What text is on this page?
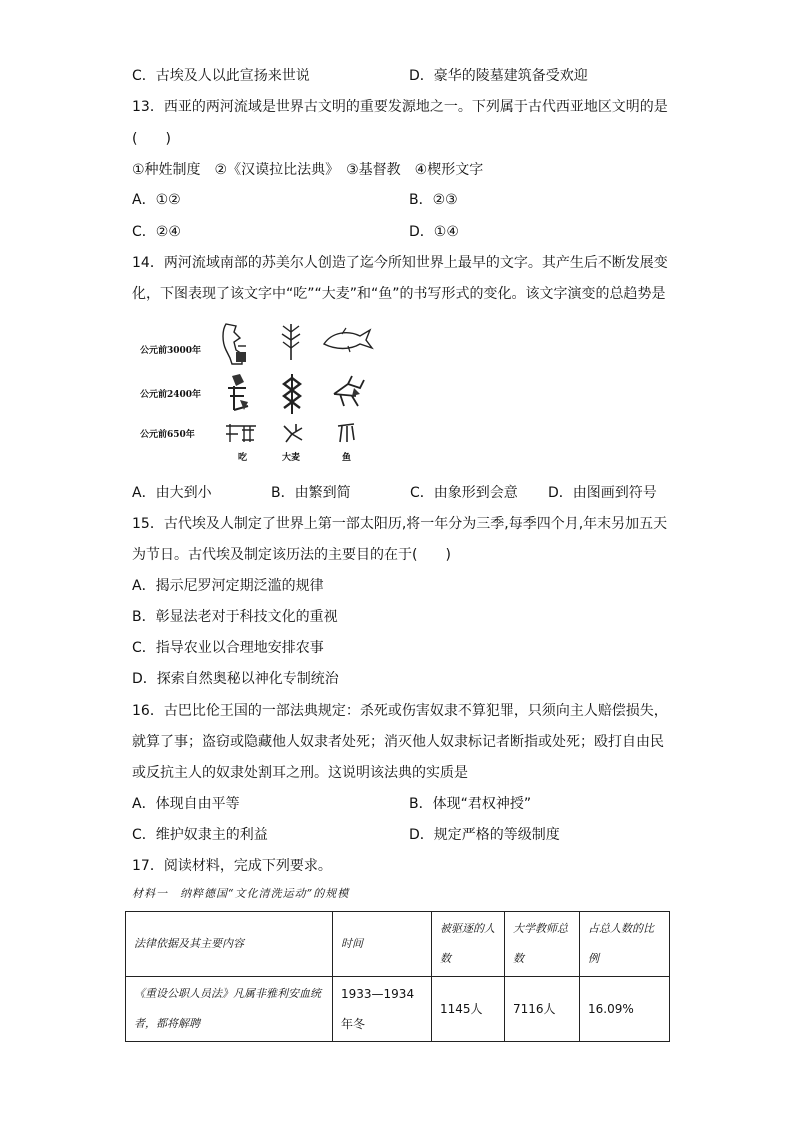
C．古埃及人以此宣扬来世说	D．豪华的陵墓建筑备受欢迎
13．西亚的两河流域是世界古文明的重要发源地之一。下列属于古代西亚地区文明的是
(　　)
①种姓制度　②《汉谟拉比法典》　③基督教　④楔形文字
A．①②	B．②③
C．②④	D．①④
14．两河流域南部的苏美尔人创造了迄今所知世界上最早的文字。其产生后不断发展变
化，下图表现了该文字中“吃”“大麦”和“鱼”的书写形式的变化。该文字演变的总趋势是
公元前3000年
公元前2400年
公元前650年
吃	大麦	鱼
A．由大到小	B．由繁到简	C．由象形到会意 D．由图画到符号
15．古代埃及人制定了世界上第一部太阳历,将一年分为三季,每季四个月,年末另加五天
为节日。古代埃及制定该历法的主要目的在于(　　)
A．揭示尼罗河定期泛滥的规律
B．彰显法老对于科技文化的重视
C．指导农业以合理地安排农事
D．探索自然奥秘以神化专制统治
16．古巴比伦王国的一部法典规定：杀死或伤害奴隶不算犯罪，只须向主人赔偿损失，
就算了事；盗窃或隐藏他人奴隶者处死；消灭他人奴隶标记者断指或处死；殴打自由民
或反抗主人的奴隶处割耳之刑。这说明该法典的实质是
A．体现自由平等	B．体现“君权神授”
C．维护奴隶主的利益	D．规定严格的等级制度
17．阅读材料，完成下列要求。
材料一　纳粹德国“文化清洗运动”的规模
法律依据及其主要内容	时间	被驱逐的人数	大学教师总数	占总人数的比例
《重设公职人员法》凡属非雅利安血统者，都将解聘	1933—1934年冬	1145人	7116人	16.09%
